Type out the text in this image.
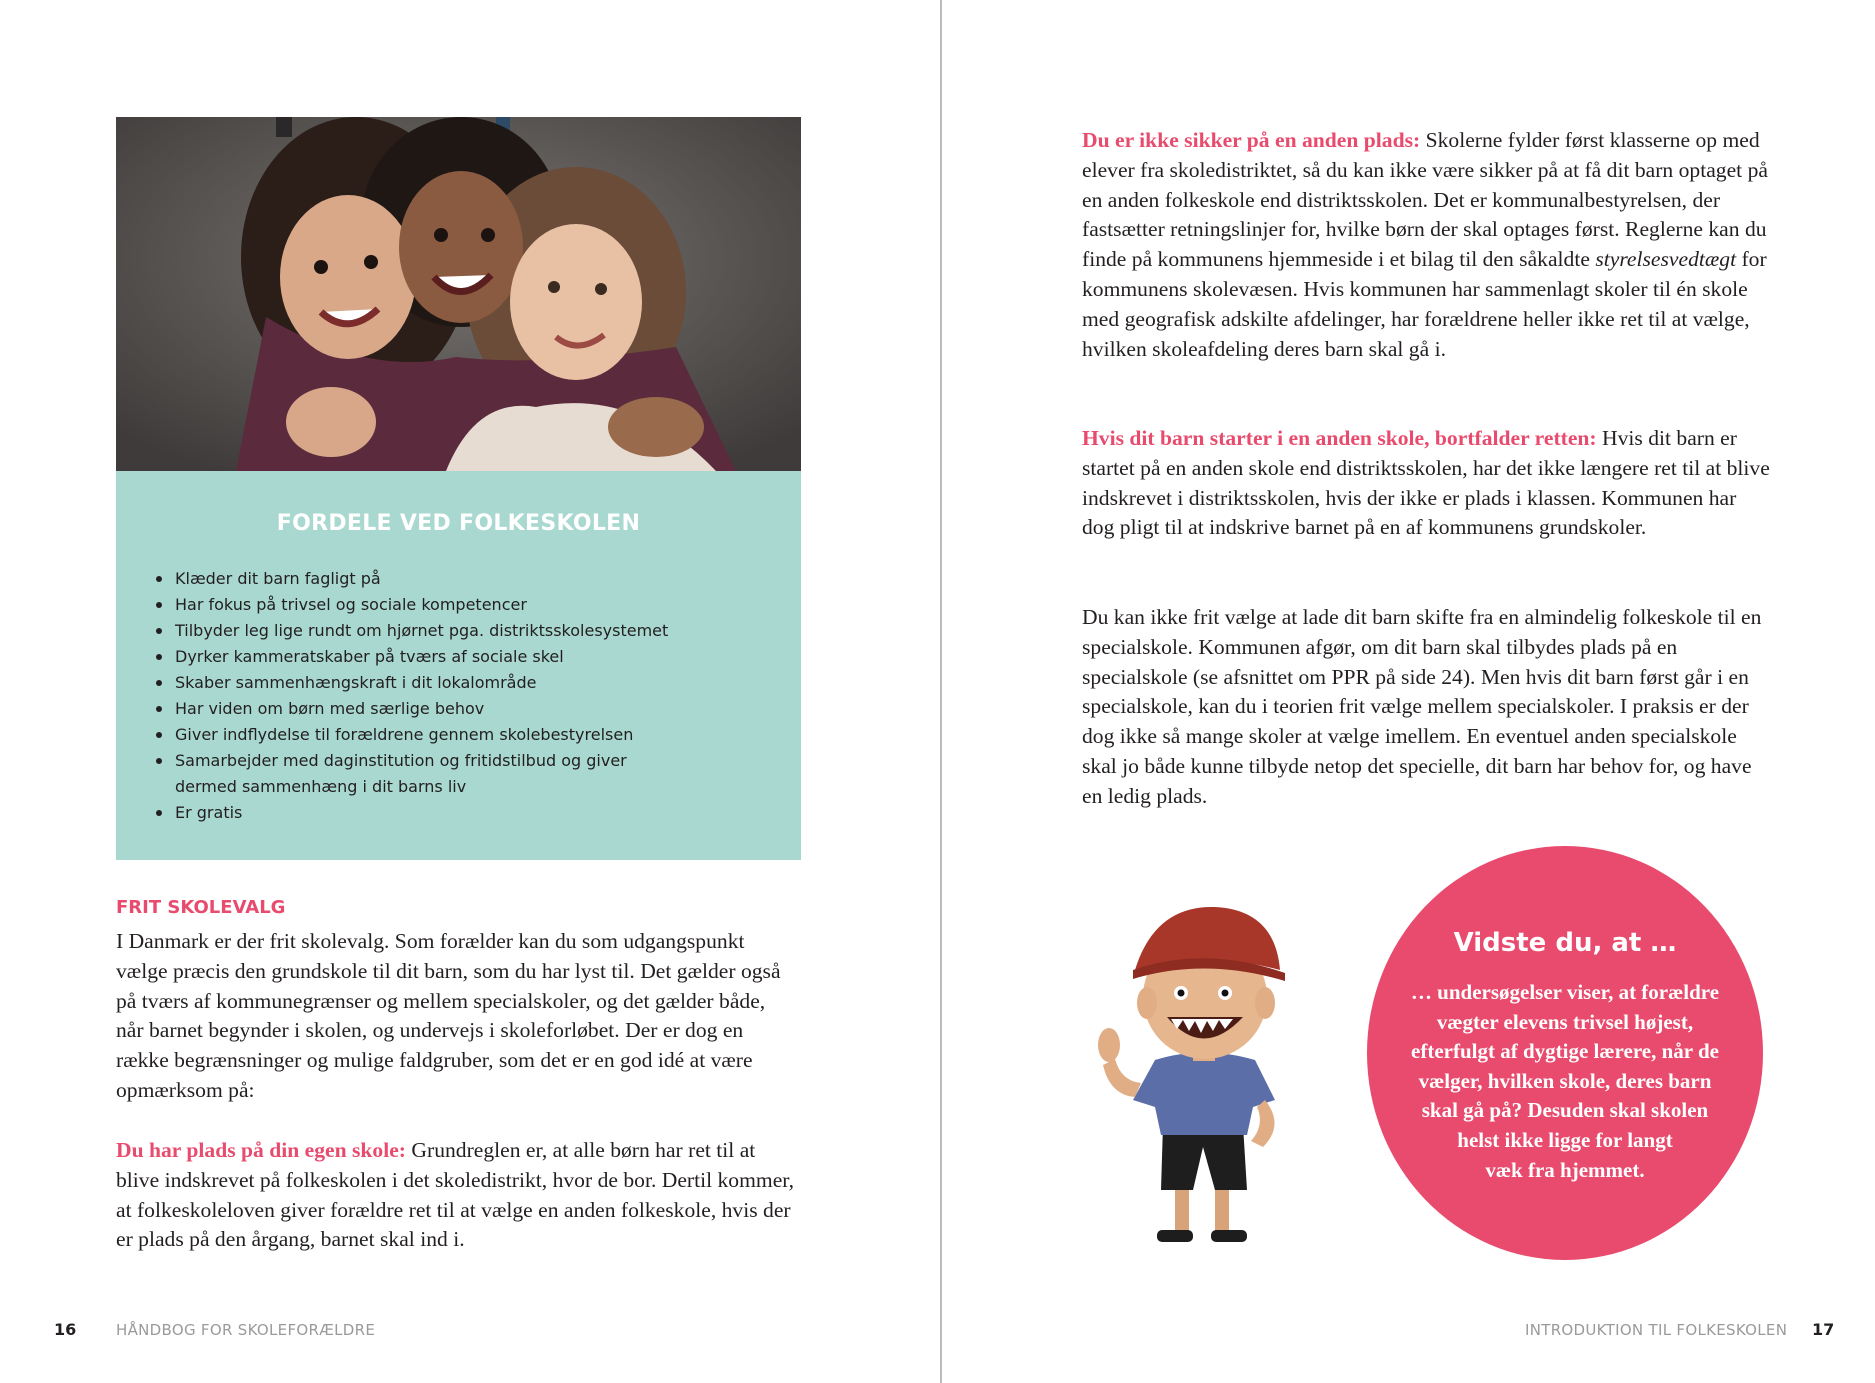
FORDELE VED FOLKESKOLEN
Klæder dit barn fagligt på
Har fokus på trivsel og sociale kompetencer
Tilbyder leg lige rundt om hjørnet pga. distriktsskolesystemet
Dyrker kammeratskaber på tværs af sociale skel
Skaber sammenhængskraft i dit lokalområde
Har viden om børn med særlige behov
Giver indflydelse til forældrene gennem skolebestyrelsen
Samarbejder med daginstitution og fritidstilbud og giver dermed sammenhæng i dit barns liv
Er gratis
FRIT SKOLEVALG
I Danmark er der frit skolevalg. Som forælder kan du som udgangspunkt vælge præcis den grundskole til dit barn, som du har lyst til. Det gælder også på tværs af kommunegrænser og mellem specialskoler, og det gælder både, når barnet begynder i skolen, og undervejs i skoleforløbet. Der er dog en række begrænsninger og mulige faldgruber, som det er en god idé at være opmærksom på:
Du har plads på din egen skole: Grundreglen er, at alle børn har ret til at blive indskrevet på folkeskolen i det skoledistrikt, hvor de bor. Dertil kommer, at folkeskoleloven giver forældre ret til at vælge en anden folkeskole, hvis der er plads på den årgang, barnet skal ind i.
16	HÅNDBOG FOR SKOLEFORÆLDRE
Du er ikke sikker på en anden plads: Skolerne fylder først klasserne op med elever fra skoledistriktet, så du kan ikke være sikker på at få dit barn optaget på en anden folkeskole end distriktsskolen. Det er kommunalbestyrelsen, der fastsætter retningslinjer for, hvilke børn der skal optages først. Reglerne kan du finde på kommunens hjemmeside i et bilag til den såkaldte styrelsesvedtægt for kommunens skolevæsen. Hvis kommunen har sammenlagt skoler til én skole med geografisk adskilte afdelinger, har forældrene heller ikke ret til at vælge, hvilken skoleafdeling deres barn skal gå i.
Hvis dit barn starter i en anden skole, bortfalder retten: Hvis dit barn er startet på en anden skole end distriktsskolen, har det ikke længere ret til at blive indskrevet i distriktsskolen, hvis der ikke er plads i klassen. Kommunen har dog pligt til at indskrive barnet på en af kommunens grundskoler.
Du kan ikke frit vælge at lade dit barn skifte fra en almindelig folkeskole til en specialskole. Kommunen afgør, om dit barn skal tilbydes plads på en specialskole (se afsnittet om PPR på side 24). Men hvis dit barn først går i en specialskole, kan du i teorien frit vælge mellem specialskoler. I praksis er der dog ikke så mange skoler at vælge imellem. En eventuel anden specialskole skal jo både kunne tilbyde netop det specielle, dit barn har behov for, og have en ledig plads.
Vidste du, at …
… undersøgelser viser, at forældre
vægter elevens trivsel højest,
efterfulgt af dygtige lærere, når de
vælger, hvilken skole, deres barn
skal gå på? Desuden skal skolen
helst ikke ligge for langt
væk fra hjemmet.
INTRODUKTION TIL FOLKESKOLEN 17
